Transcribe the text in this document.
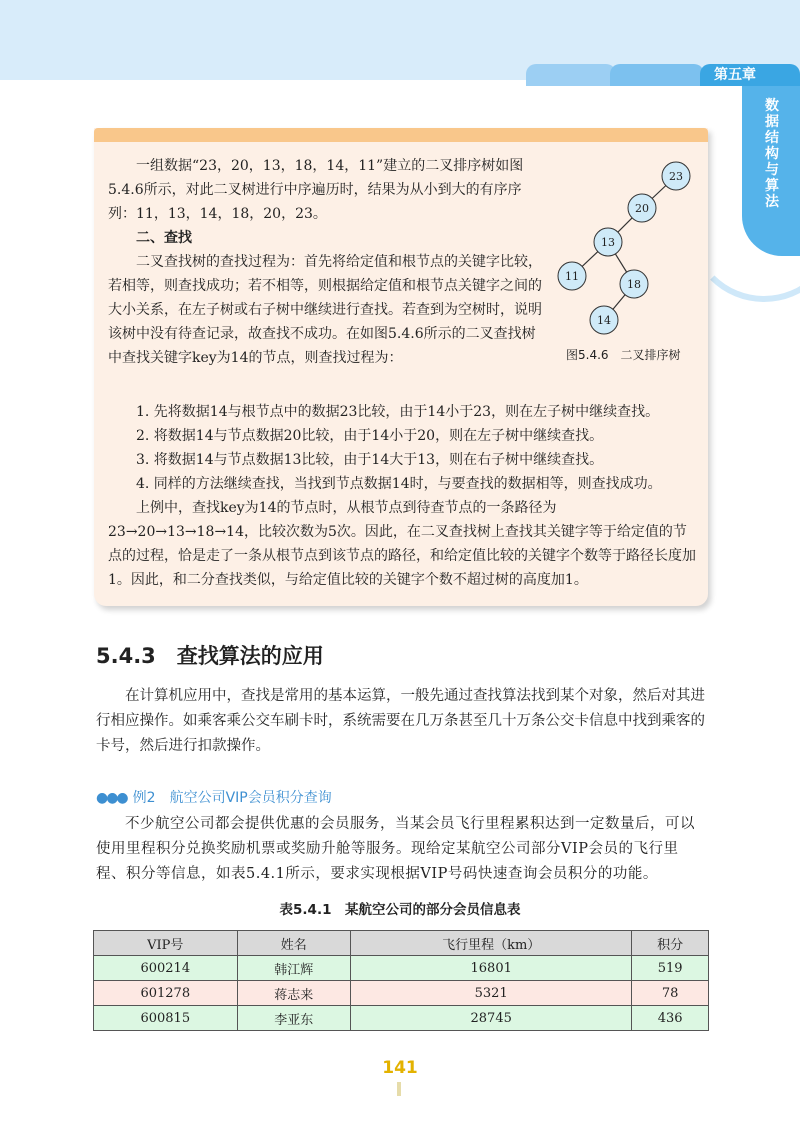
第五章
数据结构与算法

一组数据“23，20，13，18，14，11”建立的二叉排序树如图5.4.6所示，对此二叉树进行中序遍历时，结果为从小到大的有序序列：11，13，14，18，20，23。

二、查找

二叉查找树的查找过程为：首先将给定值和根节点的关键字比较，若相等，则查找成功；若不相等，则根据给定值和根节点关键字之间的大小关系，在左子树或右子树中继续进行查找。若查到为空树时，说明该树中没有待查记录，故查找不成功。在如图5.4.6所示的二叉查找树中查找关键字key为14的节点，则查找过程为：

1. 先将数据14与根节点中的数据23比较，由于14小于23，则在左子树中继续查找。

2. 将数据14与节点数据20比较，由于14小于20，则在左子树中继续查找。

3. 将数据14与节点数据13比较，由于14大于13，则在右子树中继续查找。

4. 同样的方法继续查找，当找到节点数据14时，与要查找的数据相等，则查找成功。

上例中，查找key为14的节点时，从根节点到待查节点的一条路径为23→20→13→18→14，比较次数为5次。因此，在二叉查找树上查找其关键字等于给定值的节点的过程，恰是走了一条从根节点到该节点的路径，和给定值比较的关键字个数等于路径长度加1。因此，和二分查找类似，与给定值比较的关键字个数不超过树的高度加1。

23
20
13
11
18
14
图5.4.6　二叉排序树
5.4.3　查找算法的应用
在计算机应用中，查找是常用的基本运算，一般先通过查找算法找到某个对象，然后对其进行相应操作。如乘客乘公交车刷卡时，系统需要在几万条甚至几十万条公交卡信息中找到乘客的卡号，然后进行扣款操作。
●●● 例2　航空公司VIP会员积分查询
不少航空公司都会提供优惠的会员服务，当某会员飞行里程累积达到一定数量后，可以使用里程积分兑换奖励机票或奖励升舱等服务。现给定某航空公司部分VIP会员的飞行里程、积分等信息，如表5.4.1所示，要求实现根据VIP号码快速查询会员积分的功能。
表5.4.1　某航空公司的部分会员信息表
VIP号	姓名	飞行里程（km）	积分
600214	韩江辉	16801	519
601278	蒋志来	5321	78
600815	李亚东	28745	436
141
